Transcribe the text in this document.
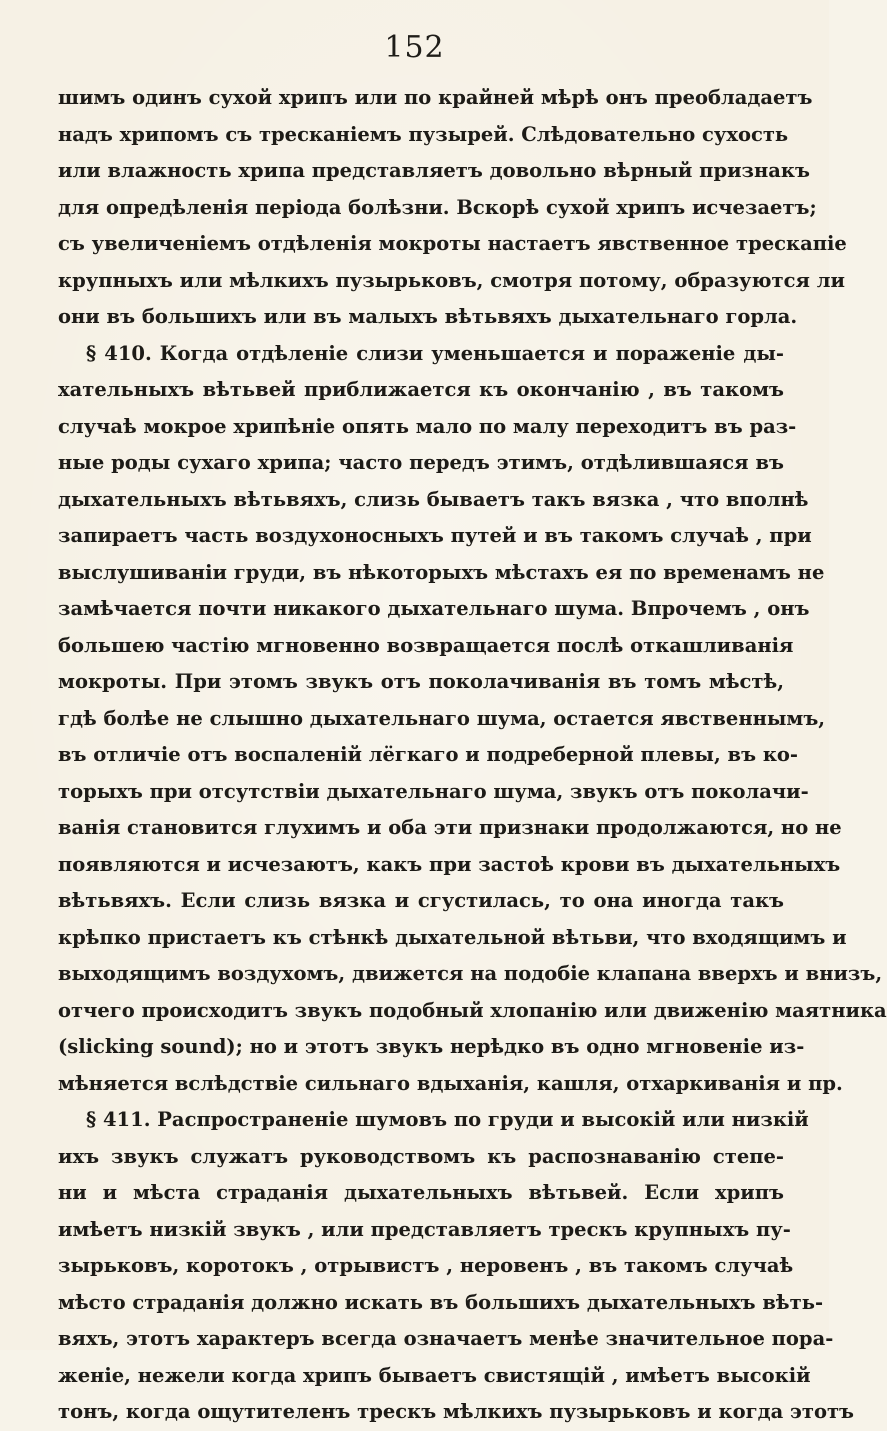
152
шимъ одинъ сухой хрипъ или по крайней мѣрѣ онъ преобладаетъ
надъ хрипомъ съ тресканіемъ пузырей. Слѣдовательно сухость
или влажность хрипа представляетъ довольно вѣрный признакъ
для опредѣленія періода болѣзни. Вскорѣ сухой хрипъ исчезаетъ;
съ увеличеніемъ отдѣленія мокроты настаетъ явственное трескапіе
крупныхъ или мѣлкихъ пузырьковъ, смотря потому, образуются ли
они въ большихъ или въ малыхъ вѣтьвяхъ дыхательнаго горла.
§ 410. Когда отдѣленіе слизи уменьшается и пораженіе ды-
хательныхъ вѣтьвей приближается къ окончанію , въ такомъ
случаѣ мокрое хрипѣніе опять мало по малу переходитъ въ раз-
ные роды сухаго хрипа; часто передъ этимъ, отдѣлившаяся въ
дыхательныхъ вѣтьвяхъ, слизь бываетъ такъ вязка , что вполнѣ
запираетъ часть воздухоносныхъ путей и въ такомъ случаѣ , при
выслушиваніи груди, въ нѣкоторыхъ мѣстахъ ея по временамъ не
замѣчается почти никакого дыхательнаго шума. Впрочемъ , онъ
большею частію мгновенно возвращается послѣ откашливанія
мокроты. При этомъ звукъ отъ поколачиванія въ томъ мѣстѣ,
гдѣ болѣе не слышно дыхательнаго шума, остается явственнымъ,
въ отличіе отъ воспаленій лёгкаго и подреберной плевы, въ ко-
торыхъ при отсутствіи дыхательнаго шума, звукъ отъ поколачи-
ванія становится глухимъ и оба эти признаки продолжаются, но не
появляются и исчезаютъ, какъ при застоѣ крови въ дыхательныхъ
вѣтьвяхъ. Если слизь вязка и сгустилась, то она иногда такъ
крѣпко пристаетъ къ стѣнкѣ дыхательной вѣтьви, что входящимъ и
выходящимъ воздухомъ, движется на подобіе клапана вверхъ и внизъ,
отчего происходитъ звукъ подобный хлопанію или движенію маятника
(slicking sound); но и этотъ звукъ нерѣдко въ одно мгновеніе из-
мѣняется вслѣдствіе сильнаго вдыханія, кашля, отхаркиванія и пр.
§ 411. Распространеніе шумовъ по груди и высокій или низкій
ихъ звукъ служатъ руководствомъ къ распознаванію степе-
ни и мѣста страданія дыхательныхъ вѣтьвей. Если хрипъ
имѣетъ низкій звукъ , или представляетъ трескъ крупныхъ пу-
зырьковъ, коротокъ , отрывистъ , неровенъ , въ такомъ случаѣ
мѣсто страданія должно искать въ большихъ дыхательныхъ вѣть-
вяхъ, этотъ характеръ всегда означаетъ менѣе значительное пора-
женіе, нежели когда хрипъ бываетъ свистящій , имѣетъ высокій
тонъ, когда ощутителенъ трескъ мѣлкихъ пузырьковъ и когда этотъ
